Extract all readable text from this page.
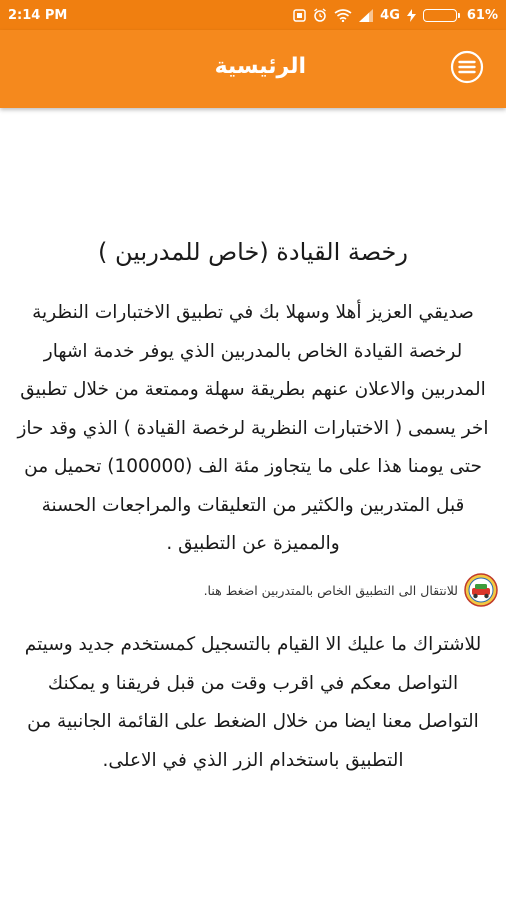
2:14 PM	4G	61%
الرئيسية
رخصة القيادة (خاص للمدربين )
صديقي العزيز أهلا وسهلا بك في تطبيق الاختبارات النظرية لرخصة القيادة الخاص بالمدربين الذي يوفر خدمة اشهار المدربين والاعلان عنهم بطريقة سهلة وممتعة من خلال تطبيق اخر يسمى ( الاختبارات النظرية لرخصة القيادة ) الذي وقد حاز حتى يومنا هذا على ما يتجاوز مئة الف (100000) تحميل من قبل المتدربين والكثير من التعليقات والمراجعات الحسنة والمميزة عن التطبيق .
للانتقال الى التطبيق الخاص بالمتدربين اضغط هنا.
للاشتراك ما عليك الا القيام بالتسجيل كمستخدم جديد وسيتم التواصل معكم في اقرب وقت من قبل فريقنا و يمكنك التواصل معنا ايضا من خلال الضغط على القائمة الجانبية من التطبيق باستخدام الزر الذي في الاعلى.
